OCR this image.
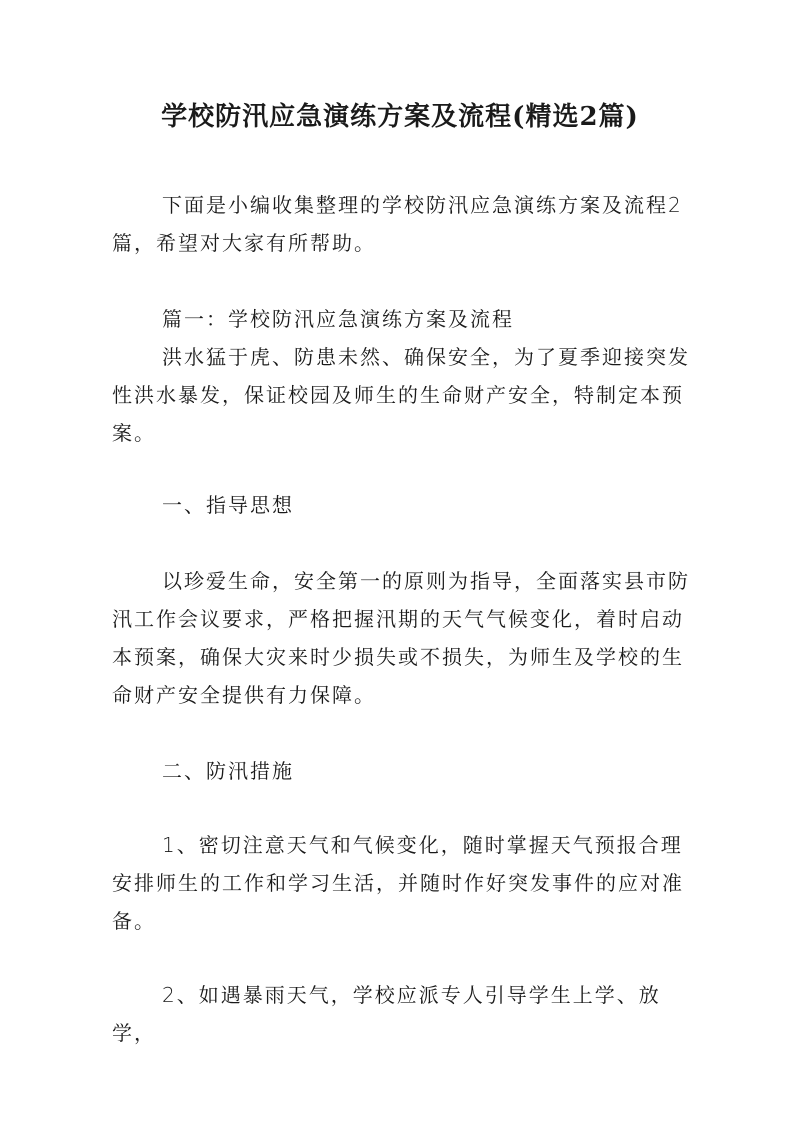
学校防汛应急演练方案及流程(精选2篇)

下面是小编收集整理的学校防汛应急演练方案及流程2篇，希望对大家有所帮助。

篇一：学校防汛应急演练方案及流程

洪水猛于虎、防患未然、确保安全，为了夏季迎接突发性洪水暴发，保证校园及师生的生命财产安全，特制定本预案。

一、指导思想

以珍爱生命，安全第一的原则为指导，全面落实县市防汛工作会议要求，严格把握汛期的天气气候变化，着时启动本预案，确保大灾来时少损失或不损失，为师生及学校的生命财产安全提供有力保障。

二、防汛措施

1、密切注意天气和气候变化，随时掌握天气预报合理安排师生的工作和学习生活，并随时作好突发事件的应对准备。

2、如遇暴雨天气，学校应派专人引导学生上学、放学，
